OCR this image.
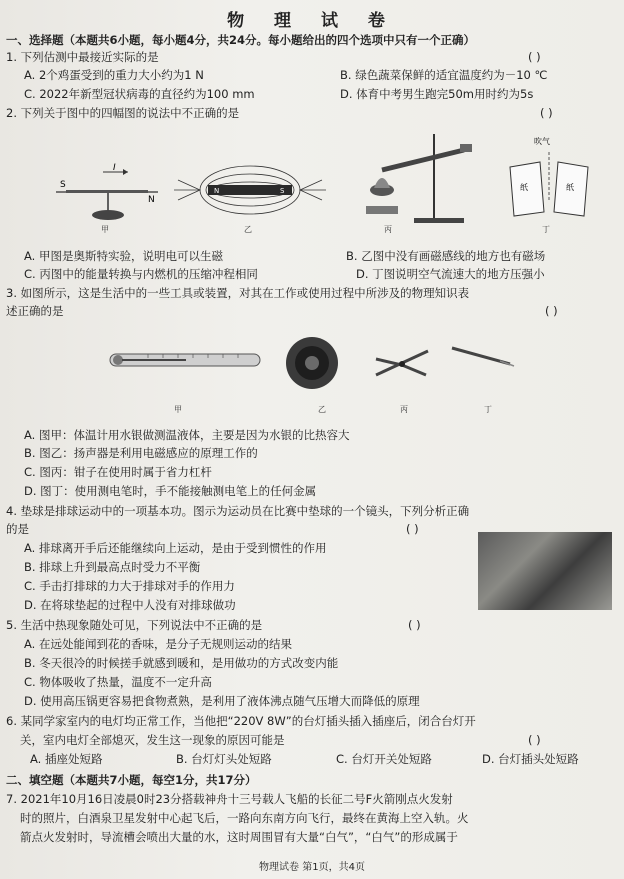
物 理 试 卷
一、选择题（本题共6小题，每小题4分，共24分。每小题给出的四个选项中只有一个正确）
1. 下列估测中最接近实际的是	( )
A. 2个鸡蛋受到的重力大小约为1 N	B. 绿色蔬菜保鲜的适宜温度约为－10 ℃
C. 2022年新型冠状病毒的直径约为100 mm	D. 体育中考男生跑完50m用时约为5s
2. 下列关于图中的四幅图的说法中不正确的是	( )
S
I
N
N	S
吹气
纸	纸
甲	乙	丙	丁
A. 甲图是奥斯特实验，说明电可以生磁	B. 乙图中没有画磁感线的地方也有磁场
C. 丙图中的能量转换与内燃机的压缩冲程相同	D. 丁图说明空气流速大的地方压强小
3. 如图所示，这是生活中的一些工具或装置，对其在工作或使用过程中所涉及的物理知识表
述正确的是	( )
甲	乙	丙	丁
A. 图甲：体温计用水银做测温液体，主要是因为水银的比热容大
B. 图乙：扬声器是利用电磁感应的原理工作的
C. 图丙：钳子在使用时属于省力杠杆
D. 图丁：使用测电笔时，手不能接触测电笔上的任何金属
4. 垫球是排球运动中的一项基本功。图示为运动员在比赛中垫球的一个镜头，下列分析正确
的是	( )
A. 排球离开手后还能继续向上运动，是由于受到惯性的作用
B. 排球上升到最高点时受力不平衡
C. 手击打排球的力大于排球对手的作用力
D. 在将球垫起的过程中人没有对排球做功
5. 生活中热现象随处可见，下列说法中不正确的是	( )
A. 在远处能闻到花的香味，是分子无规则运动的结果
B. 冬天很冷的时候搓手就感到暖和，是用做功的方式改变内能
C. 物体吸收了热量，温度不一定升高
D. 使用高压锅更容易把食物煮熟，是利用了液体沸点随气压增大而降低的原理
6. 某同学家室内的电灯均正常工作，当他把“220V 8W”的台灯插头插入插座后，闭合台灯开
关，室内电灯全部熄灭，发生这一现象的原因可能是	( )
A. 插座处短路	B. 台灯灯头处短路	C. 台灯开关处短路	D. 台灯插头处短路
二、填空题（本题共7小题，每空1分，共17分）
7. 2021年10月16日凌晨0时23分搭载神舟十三号载人飞船的长征二号F火箭刚点火发射
时的照片，白酒泉卫星发射中心起飞后，一路向东南方向飞行，最终在黄海上空入轨。火
箭点火发射时，导流槽会喷出大量的水，这时周围冒有大量“白气”，“白气”的形成属于
物理试卷 第1页，共4页
